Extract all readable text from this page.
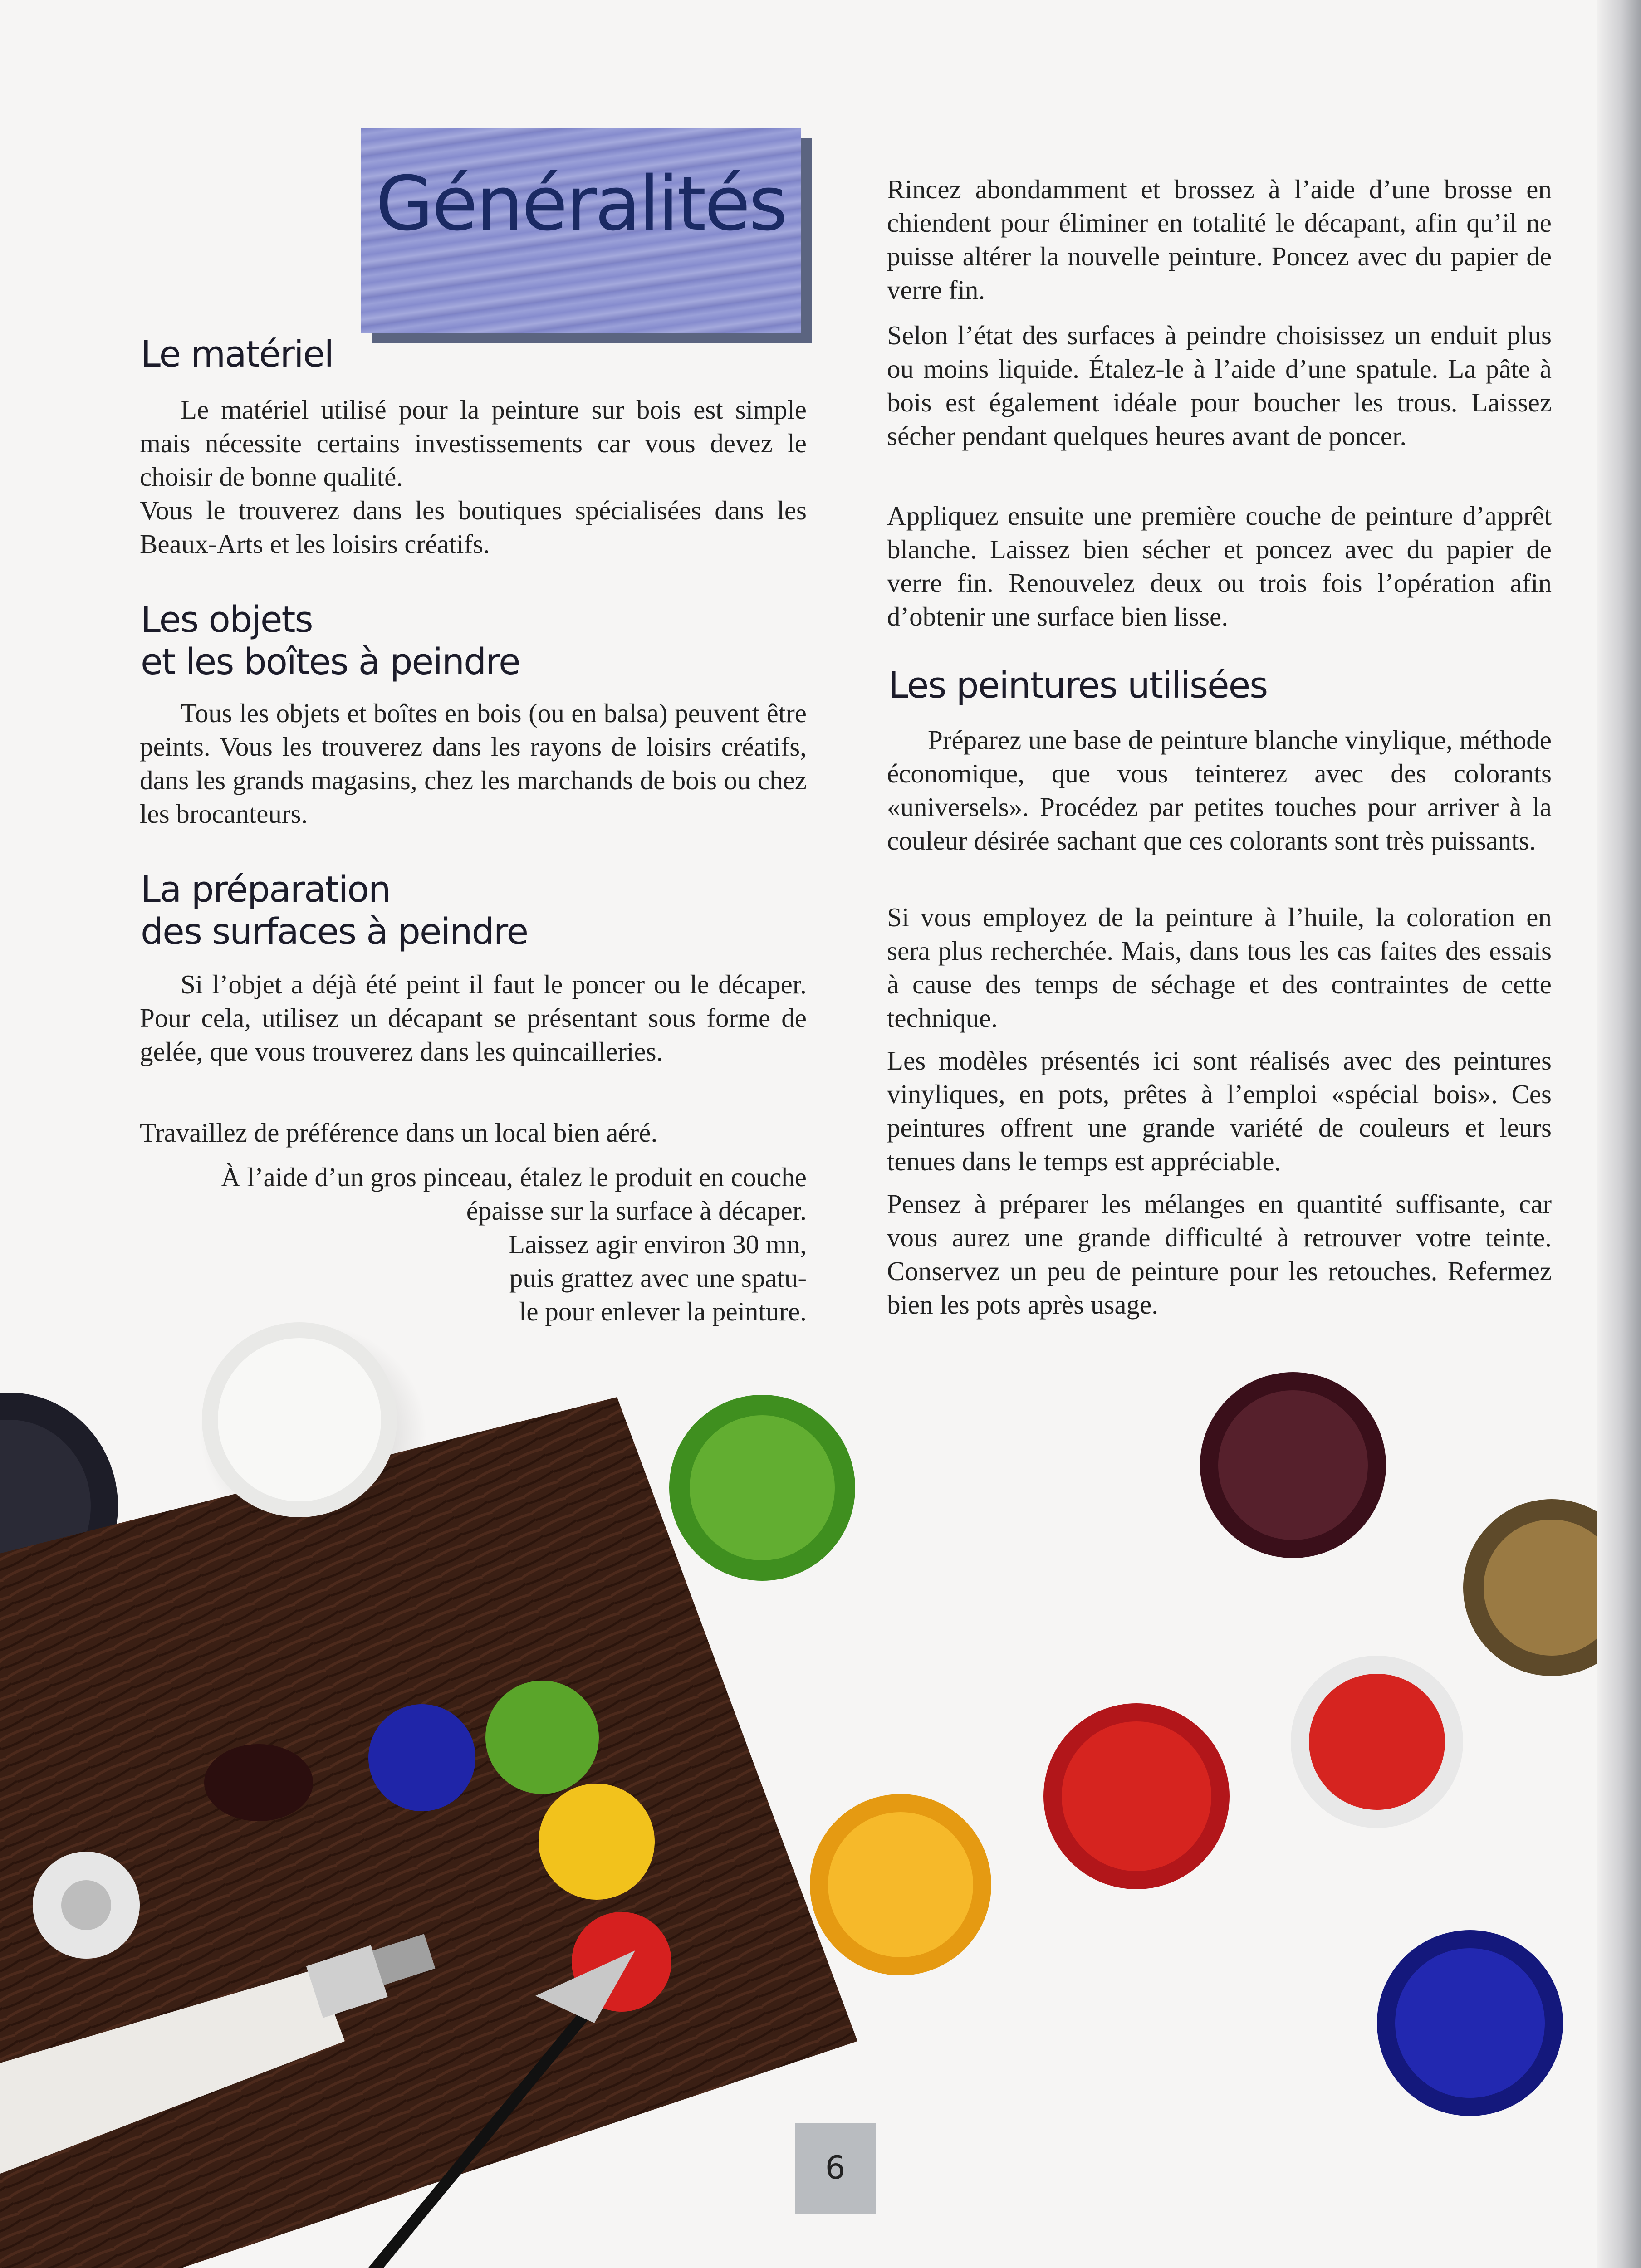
Généralités
Le matériel

Le matériel utilisé pour la peinture sur bois est simple mais nécessite certains investissements car vous devez le choisir de bonne qualité.

Vous le trouverez dans les boutiques spécialisées dans les Beaux-Arts et les loisirs créatifs.

Les objets
et les boîtes à peindre

Tous les objets et boîtes en bois (ou en balsa) peuvent être peints. Vous les trouverez dans les rayons de loisirs créatifs, dans les grands magasins, chez les marchands de bois ou chez les brocanteurs.

La préparation
des surfaces à peindre

Si l’objet a déjà été peint il faut le poncer ou le décaper. Pour cela, utilisez un décapant se présentant sous forme de gelée, que vous trouverez dans les quincailleries.

Travaillez de préférence dans un local bien aéré.

À l’aide d’un gros pinceau, étalez le produit en couche
épaisse sur la surface à décaper.
Laissez agir environ 30 mn,
puis grattez avec une spatu-
le pour enlever la peinture.

Rincez abondamment et brossez à l’aide d’une brosse en chiendent pour éliminer en totalité le décapant, afin qu’il ne puisse altérer la nouvelle peinture. Poncez avec du papier de verre fin.

Selon l’état des surfaces à peindre choisissez un enduit plus ou moins liquide. Étalez-le à l’aide d’une spatule. La pâte à bois est également idéale pour boucher les trous. Laissez sécher pendant quelques heures avant de poncer.

Appliquez ensuite une première couche de peinture d’apprêt blanche. Laissez bien sécher et poncez avec du papier de verre fin. Renouvelez deux ou trois fois l’opération afin d’obtenir une surface bien lisse.

Les peintures utilisées

Préparez une base de peinture blanche vinylique, méthode économique, que vous teinterez avec des colorants «universels». Procédez par petites touches pour arriver à la couleur désirée sachant que ces colorants sont très puissants.

Si vous employez de la peinture à l’huile, la coloration en sera plus recherchée. Mais, dans tous les cas faites des essais à cause des temps de séchage et des contraintes de cette technique.

Les modèles présentés ici sont réalisés avec des peintures vinyliques, en pots, prêtes à l’emploi «spécial bois». Ces peintures offrent une grande variété de couleurs et leurs tenues dans le temps est appréciable.

Pensez à préparer les mélanges en quantité suffisante, car vous aurez une grande difficulté à retrouver votre teinte. Conservez un peu de peinture pour les retouches. Refermez bien les pots après usage.

6
